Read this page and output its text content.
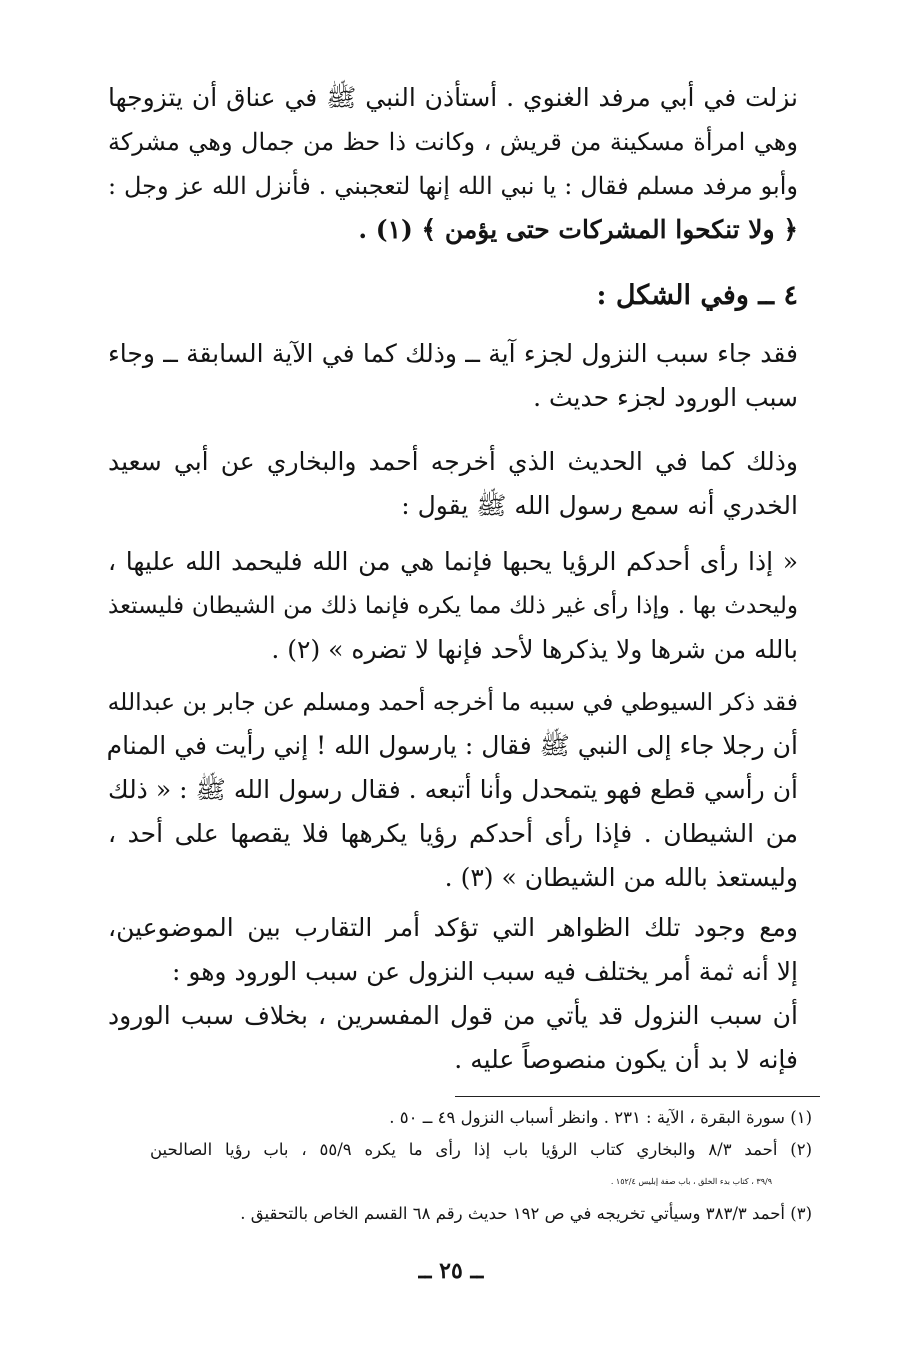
نزلت في أبي مرفد الغنوي . أستأذن النبي ﷺ في عناق أن يتزوجها
وهي امرأة مسكينة من قريش ، وكانت ذا حظ من جمال وهي مشركة
وأبو مرفد مسلم فقال : يا نبي الله إنها لتعجبني . فأنزل الله عز وجل :
﴿ ولا تنكحوا المشركات حتى يؤمن ﴾ (١) .
٤ ــ وفي الشكل :
فقد جاء سبب النزول لجزء آية ــ وذلك كما في الآية السابقة ــ وجاء
سبب الورود لجزء حديث .
وذلك كما في الحديث الذي أخرجه أحمد والبخاري عن أبي سعيد
الخدري أنه سمع رسول الله ﷺ يقول :
« إذا رأى أحدكم الرؤيا يحبها فإنما هي من الله فليحمد الله عليها ،
وليحدث بها . وإذا رأى غير ذلك مما يكره فإنما ذلك من الشيطان فليستعذ
بالله من شرها ولا يذكرها لأحد فإنها لا تضره » (٢) .
فقد ذكر السيوطي في سببه ما أخرجه أحمد ومسلم عن جابر بن عبدالله
أن رجلا جاء إلى النبي ﷺ فقال : يارسول الله ! إني رأيت في المنام
أن رأسي قطع فهو يتمحدل وأنا أتبعه . فقال رسول الله ﷺ : « ذلك
من الشيطان . فإذا رأى أحدكم رؤيا يكرهها فلا يقصها على أحد ،
وليستعذ بالله من الشيطان » (٣) .
ومع وجود تلك الظواهر التي تؤكد أمر التقارب بين الموضوعين،
إلا أنه ثمة أمر يختلف فيه سبب النزول عن سبب الورود وهو :
أن سبب النزول قد يأتي من قول المفسرين ، بخلاف سبب الورود
فإنه لا بد أن يكون منصوصاً عليه .
(١) سورة البقرة ، الآية : ٢٣١ . وانظر أسباب النزول ٤٩ ــ ٥٠ .
(٢) أحمد ٨/٣ والبخاري كتاب الرؤيا باب إذا رأى ما يكره ٥٥/٩ ، باب رؤيا الصالحين
٣٩/٩ ، كتاب بدء الخلق ، باب صفة إبليس ١٥٢/٤ .
(٣) أحمد ٣٨٣/٣ وسيأتي تخريجه في ص ١٩٢ حديث رقم ٦٨ القسم الخاص بالتحقيق .
ــ ٢٥ ــ
